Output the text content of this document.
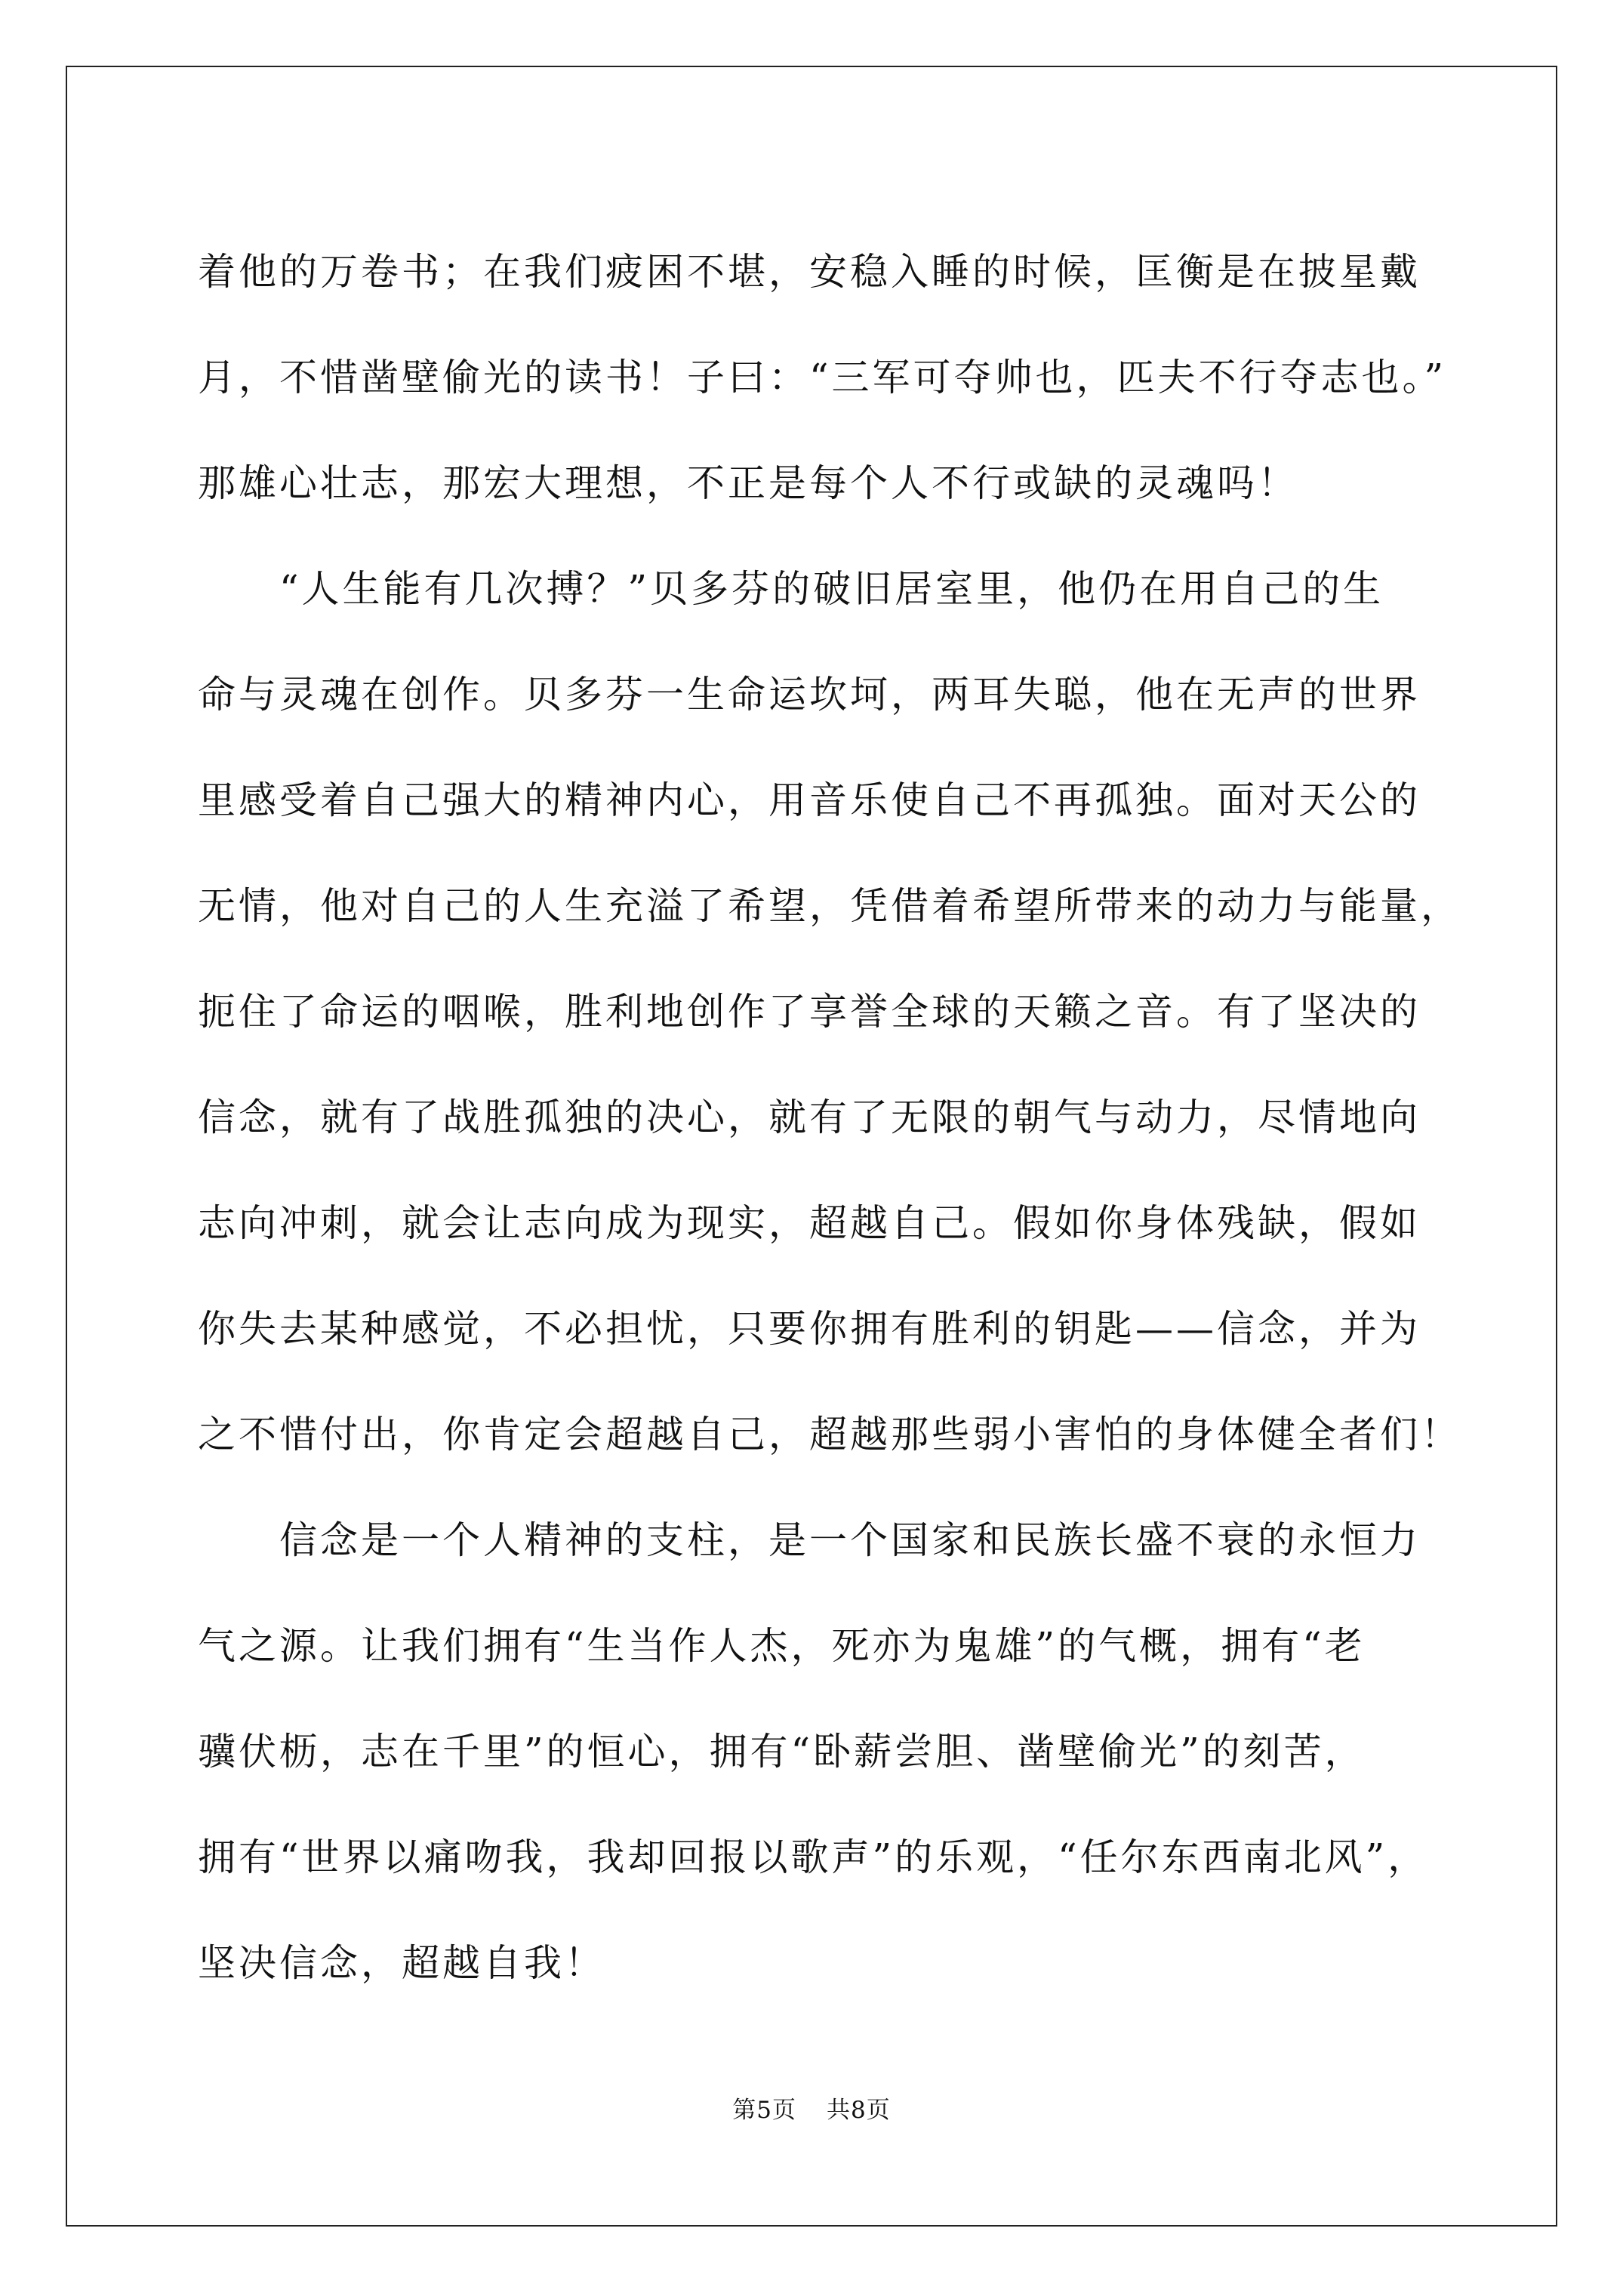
着他的万卷书；在我们疲困不堪，安稳入睡的时候，匡衡是在披星戴

月，不惜凿壁偷光的读书！子曰：“三军可夺帅也，匹夫不行夺志也。”

那雄心壮志，那宏大理想，不正是每个人不行或缺的灵魂吗！

“人生能有几次搏？”贝多芬的破旧居室里，他仍在用自己的生

命与灵魂在创作。贝多芬一生命运坎坷，两耳失聪，他在无声的世界

里感受着自己强大的精神内心，用音乐使自己不再孤独。面对天公的

无情，他对自己的人生充溢了希望，凭借着希望所带来的动力与能量，

扼住了命运的咽喉，胜利地创作了享誉全球的天籁之音。有了坚决的

信念，就有了战胜孤独的决心，就有了无限的朝气与动力，尽情地向

志向冲刺，就会让志向成为现实，超越自己。假如你身体残缺，假如

你失去某种感觉，不必担忧，只要你拥有胜利的钥匙——信念，并为

之不惜付出，你肯定会超越自己，超越那些弱小害怕的身体健全者们！

信念是一个人精神的支柱，是一个国家和民族长盛不衰的永恒力

气之源。让我们拥有“生当作人杰，死亦为鬼雄”的气概，拥有“老

骥伏枥，志在千里”的恒心，拥有“卧薪尝胆、凿壁偷光”的刻苦，

拥有“世界以痛吻我，我却回报以歌声”的乐观，“任尔东西南北风”，

坚决信念，超越自我！

第5页 共8页
